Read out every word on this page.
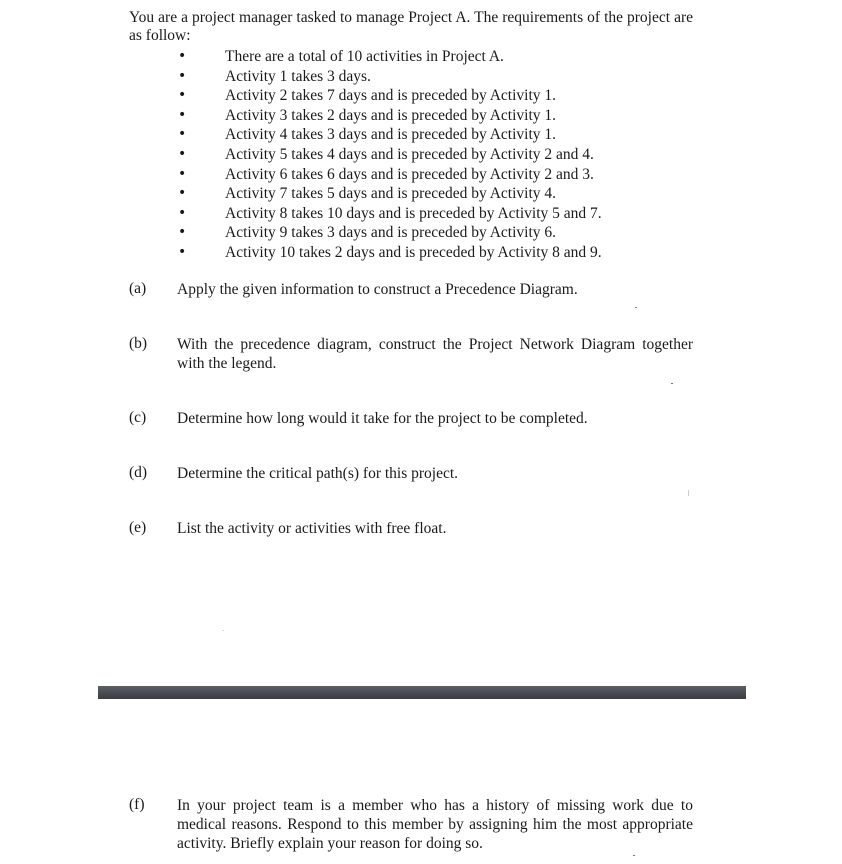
You are a project manager tasked to manage Project A. The requirements of the project are as follow:
• There are a total of 10 activities in Project A.
• Activity 1 takes 3 days.
• Activity 2 takes 7 days and is preceded by Activity 1.
• Activity 3 takes 2 days and is preceded by Activity 1.
• Activity 4 takes 3 days and is preceded by Activity 1.
• Activity 5 takes 4 days and is preceded by Activity 2 and 4.
• Activity 6 takes 6 days and is preceded by Activity 2 and 3.
• Activity 7 takes 5 days and is preceded by Activity 4.
• Activity 8 takes 10 days and is preceded by Activity 5 and 7.
• Activity 9 takes 3 days and is preceded by Activity 6.
• Activity 10 takes 2 days and is preceded by Activity 8 and 9.
(a) Apply the given information to construct a Precedence Diagram.
(b) With the precedence diagram, construct the Project Network Diagram together with the legend.
(c) Determine how long would it take for the project to be completed.
(d) Determine the critical path(s) for this project.
(e) List the activity or activities with free float.
(f) In your project team is a member who has a history of missing work due to medical reasons. Respond to this member by assigning him the most appropriate activity. Briefly explain your reason for doing so.
